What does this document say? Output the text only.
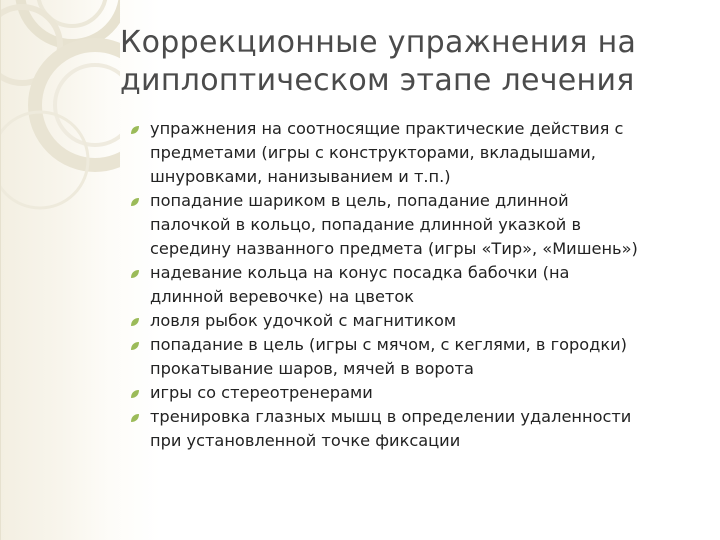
Коррекционные упражнения на
диплоптическом этапе лечения
упражнения на соотносящие практические действия с
предметами (игры с конструкторами, вкладышами,
шнуровками, нанизыванием и т.п.)
попадание шариком в цель, попадание длинной
палочкой в кольцо, попадание длинной указкой в
середину названного предмета (игры «Тир», «Мишень»)
надевание кольца на конус посадка бабочки (на
длинной веревочке) на цветок
ловля рыбок удочкой с магнитиком
попадание в цель (игры с мячом, с кеглями, в городки)
прокатывание шаров, мячей в ворота
игры со стереотренерами
тренировка глазных мышц в определении удаленности
при установленной точке фиксации
